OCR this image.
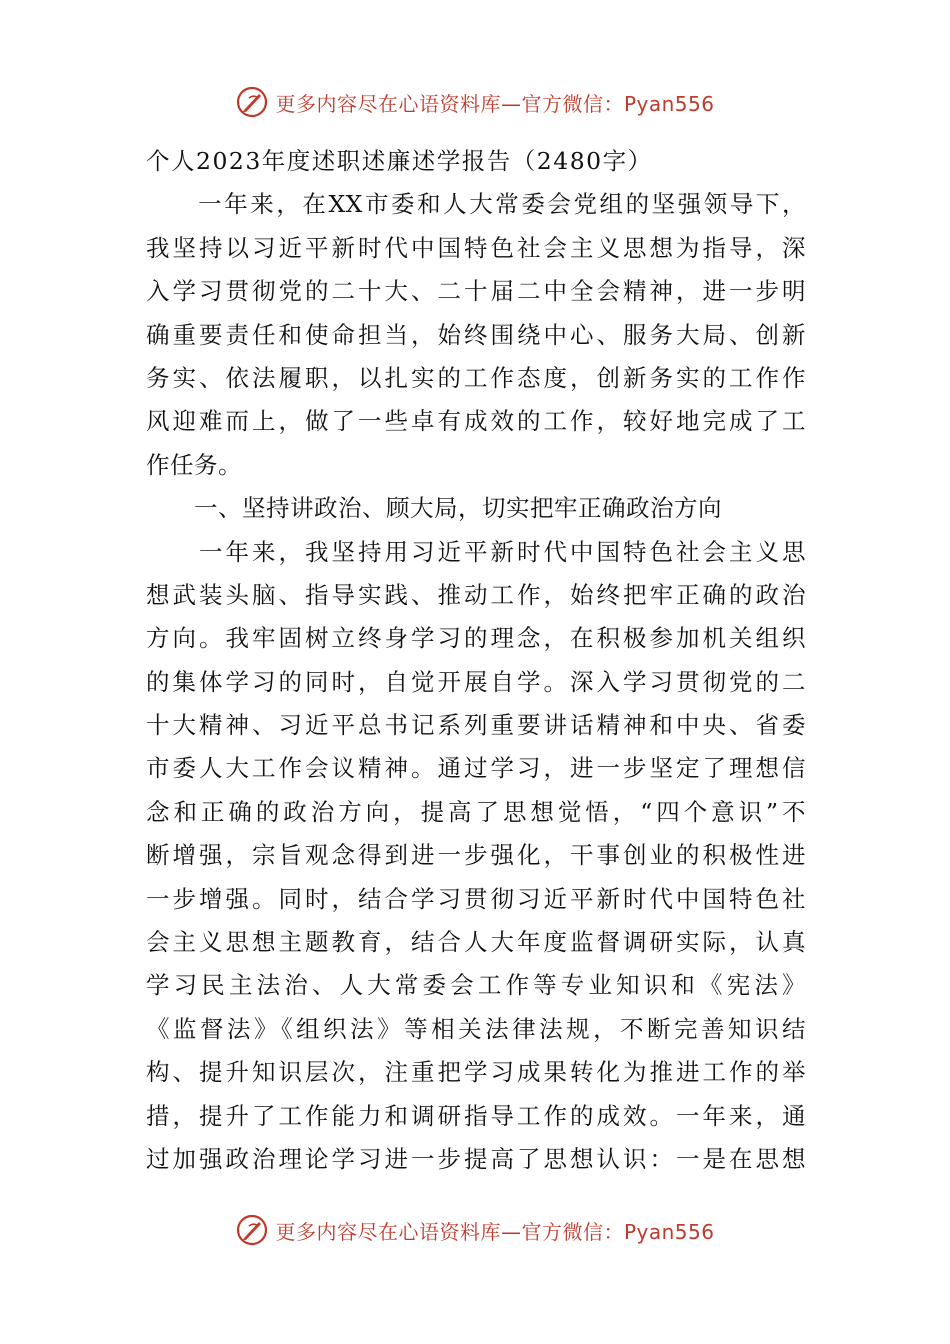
更多内容尽在心语资料库—官方微信：Pyan556
个人2023年度述职述廉述学报告（2480字）
　　一年来，在XX市委和人大常委会党组的坚强领导下，
我坚持以习近平新时代中国特色社会主义思想为指导，深
入学习贯彻党的二十大、二十届二中全会精神，进一步明
确重要责任和使命担当，始终围绕中心、服务大局、创新
务实、依法履职，以扎实的工作态度，创新务实的工作作
风迎难而上，做了一些卓有成效的工作，较好地完成了工
作任务。
　　一、坚持讲政治、顾大局，切实把牢正确政治方向
　　一年来，我坚持用习近平新时代中国特色社会主义思
想武装头脑、指导实践、推动工作，始终把牢正确的政治
方向。我牢固树立终身学习的理念，在积极参加机关组织
的集体学习的同时，自觉开展自学。深入学习贯彻党的二
十大精神、习近平总书记系列重要讲话精神和中央、省委
市委人大工作会议精神。通过学习，进一步坚定了理想信
念和正确的政治方向，提高了思想觉悟，“四个意识”不
断增强，宗旨观念得到进一步强化，干事创业的积极性进
一步增强。同时，结合学习贯彻习近平新时代中国特色社
会主义思想主题教育，结合人大年度监督调研实际，认真
学习民主法治、人大常委会工作等专业知识和《宪法》
《监督法》《组织法》等相关法律法规，不断完善知识结
构、提升知识层次，注重把学习成果转化为推进工作的举
措，提升了工作能力和调研指导工作的成效。一年来，通
过加强政治理论学习进一步提高了思想认识：一是在思想
更多内容尽在心语资料库—官方微信：Pyan556
